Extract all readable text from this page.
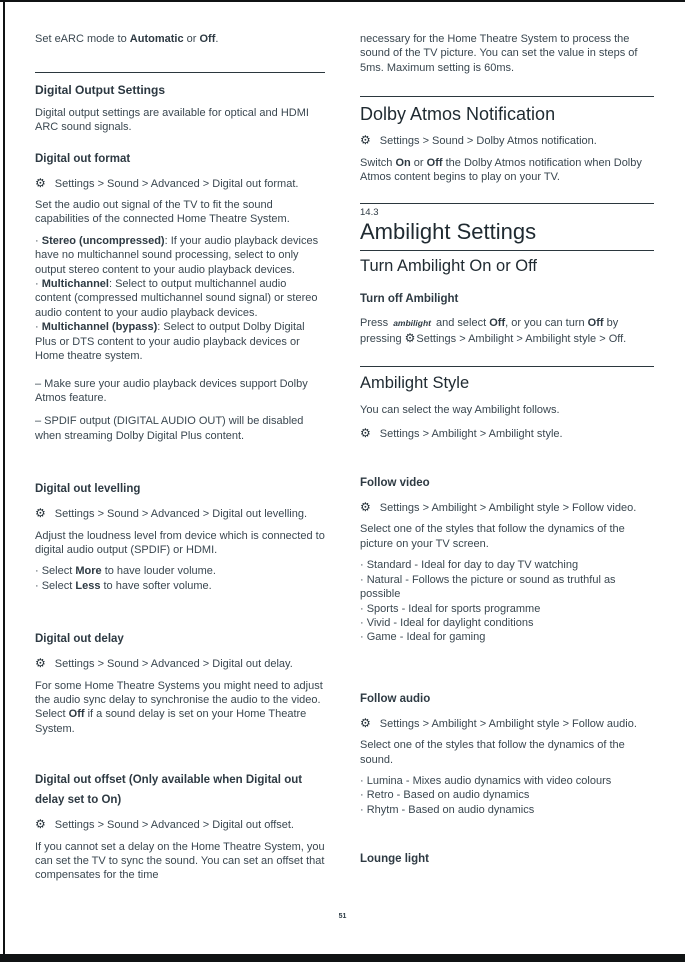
Set eARC mode to Automatic or Off.

Digital Output Settings

Digital output settings are available for optical and HDMI ARC sound signals.

Digital out format

⚙ Settings > Sound > Advanced > Digital out format.

Set the audio out signal of the TV to fit the sound capabilities of the connected Home Theatre System.

· Stereo (uncompressed): If your audio playback devices have no multichannel sound processing, select to only output stereo content to your audio playback devices.

· Multichannel: Select to output multichannel audio content (compressed multichannel sound signal) or stereo audio content to your audio playback devices.

· Multichannel (bypass): Select to output Dolby Digital Plus or DTS content to your audio playback devices or Home theatre system.

– Make sure your audio playback devices support Dolby Atmos feature.

– SPDIF output (DIGITAL AUDIO OUT) will be disabled when streaming Dolby Digital Plus content.

Digital out levelling

⚙ Settings > Sound > Advanced > Digital out levelling.

Adjust the loudness level from device which is connected to digital audio output (SPDIF) or HDMI.

· Select More to have louder volume.

· Select Less to have softer volume.

Digital out delay

⚙ Settings > Sound > Advanced > Digital out delay.

For some Home Theatre Systems you might need to adjust the audio sync delay to synchronise the audio to the video. Select Off if a sound delay is set on your Home Theatre System.

Digital out offset (Only available when Digital out delay set to On)

⚙ Settings > Sound > Advanced > Digital out offset.

If you cannot set a delay on the Home Theatre System, you can set the TV to sync the sound. You can set an offset that compensates for the time

necessary for the Home Theatre System to process the sound of the TV picture. You can set the value in steps of 5ms. Maximum setting is 60ms.

Dolby Atmos Notification

⚙ Settings > Sound > Dolby Atmos notification.

Switch On or Off the Dolby Atmos notification when Dolby Atmos content begins to play on your TV.

14.3

Ambilight Settings
Turn Ambilight On or Off
Turn off Ambilight

Press ambilight and select Off, or you can turn Off by pressing ⚙Settings > Ambilight > Ambilight style > Off.

Ambilight Style

You can select the way Ambilight follows.

⚙ Settings > Ambilight > Ambilight style.

Follow video

⚙ Settings > Ambilight > Ambilight style > Follow video.

Select one of the styles that follow the dynamics of the picture on your TV screen.

· Standard - Ideal for day to day TV watching

· Natural - Follows the picture or sound as truthful as possible

· Sports - Ideal for sports programme

· Vivid - Ideal for daylight conditions

· Game - Ideal for gaming

Follow audio

⚙ Settings > Ambilight > Ambilight style > Follow audio.

Select one of the styles that follow the dynamics of the sound.

· Lumina - Mixes audio dynamics with video colours

· Retro - Based on audio dynamics

· Rhytm - Based on audio dynamics

Lounge light
51
